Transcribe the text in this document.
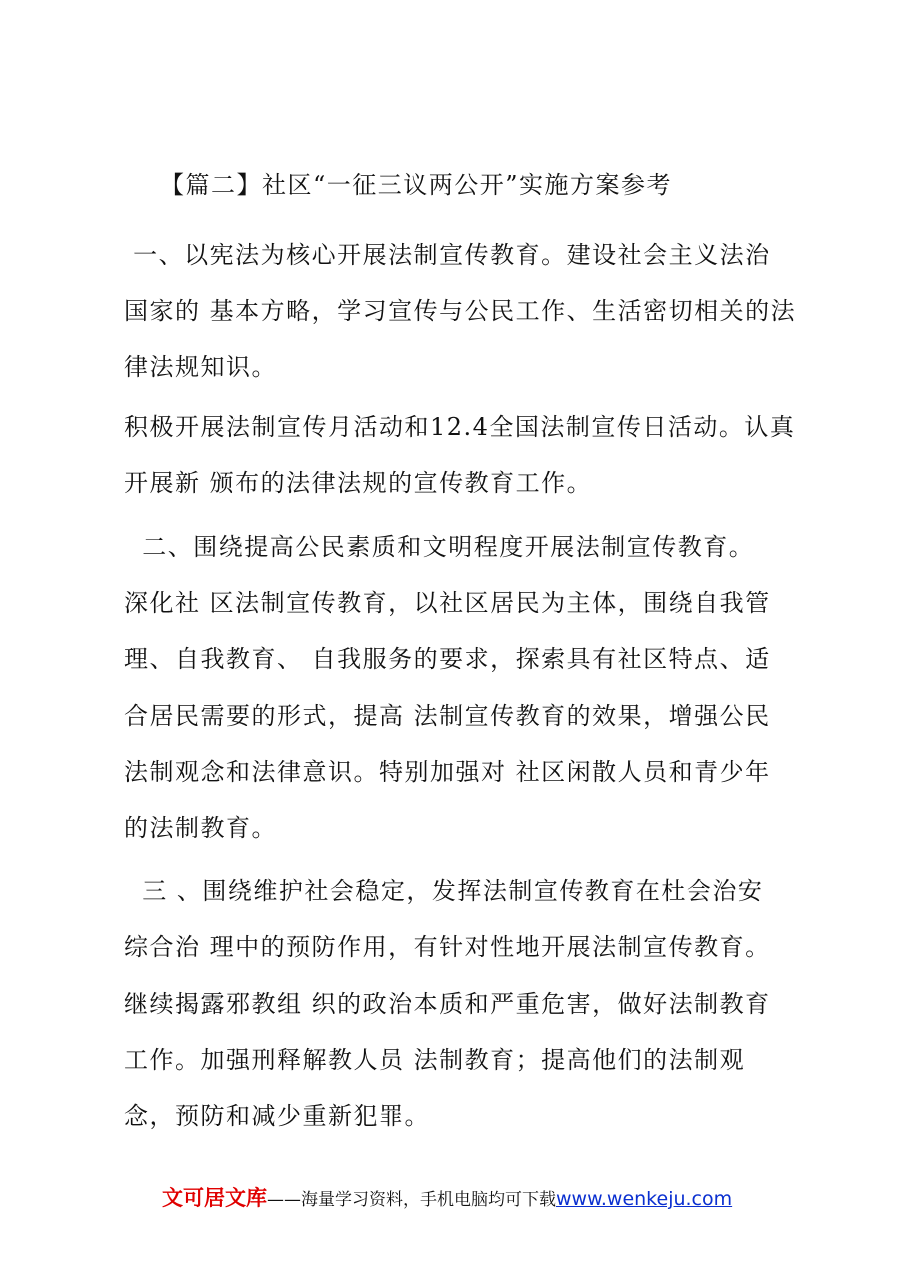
【篇二】社区“一征三议两公开”实施方案参考
一、以宪法为核心开展法制宣传教育。建设社会主义法治
国家的 基本方略，学习宣传与公民工作、生活密切相关的法
律法规知识。
积极开展法制宣传月活动和12.4全国法制宣传日活动。认真
开展新 颁布的法律法规的宣传教育工作。
二、围绕提高公民素质和文明程度开展法制宣传教育。
深化社 区法制宣传教育，以社区居民为主体，围绕自我管
理、自我教育、 自我服务的要求，探索具有社区特点、适
合居民需要的形式，提高 法制宣传教育的效果，增强公民
法制观念和法律意识。特别加强对 社区闲散人员和青少年
的法制教育。
三 、围绕维护社会稳定，发挥法制宣传教育在杜会治安
综合治 理中的预防作用，有针对性地开展法制宣传教育。
继续揭露邪教组 织的政治本质和严重危害，做好法制教育
工作。加强刑释解教人员 法制教育；提高他们的法制观
念，预防和减少重新犯罪。
文可居文库——海量学习资料，手机电脑均可下载www.wenkeju.com
